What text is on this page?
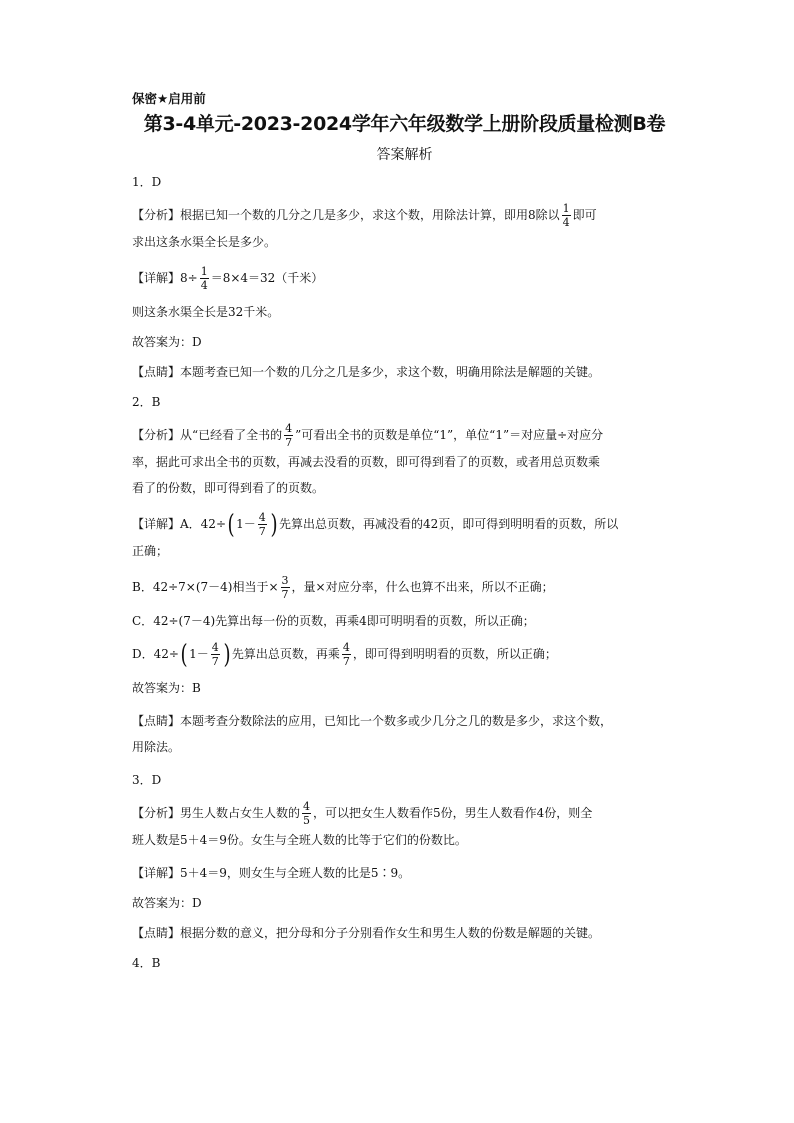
保密★启用前
第3-4单元-2023-2024学年六年级数学上册阶段质量检测B卷
答案解析

1．D

【分析】根据已知一个数的几分之几是多少，求这个数，用除法计算，即用8除以 $\frac{1}{4}$ 即可
求出这条水渠全长是多少。

【详解】$8\div \frac{1}{4} =8\times 4=32$（千米）

则这条水渠全长是32千米。

故答案为：D

【点睛】本题考查已知一个数的几分之几是多少，求这个数，明确用除法是解题的关键。

2．B

【分析】从“已经看了全书的 $\frac{4}{7}$ ”可看出全书的页数是单位“1”，单位“1”＝对应量÷对应分
率，据此可求出全书的页数，再减去没看的页数，即可得到看了的页数，或者用总页数乘
看了的份数，即可得到看了的页数。

【详解】A．42÷( $1- \frac{4}{7}$ ) 先算出总页数，再减没看的42页，即可得到明明看的页数，所以
正确；

B．42÷7×(7－4)相当于× $\frac{3}{7}$ ，量×对应分率，什么也算不出来，所以不正确；

C．42÷(7－4)先算出每一份的页数，再乘4即可明明看的页数，所以正确；

D．42÷( $1- \frac{4}{7}$ ) 先算出总页数，再乘 $\frac{4}{7}$ ，即可得到明明看的页数，所以正确；

故答案为：B

【点睛】本题考查分数除法的应用，已知比一个数多或少几分之几的数是多少，求这个数，
用除法。

3．D

【分析】男生人数占女生人数的 $\frac{4}{5}$ ，可以把女生人数看作5份，男生人数看作4份，则全
班人数是5＋4＝9份。女生与全班人数的比等于它们的份数比。

【详解】5＋4＝9，则女生与全班人数的比是5∶9。

故答案为：D

【点睛】根据分数的意义，把分母和分子分别看作女生和男生人数的份数是解题的关键。

4．B
